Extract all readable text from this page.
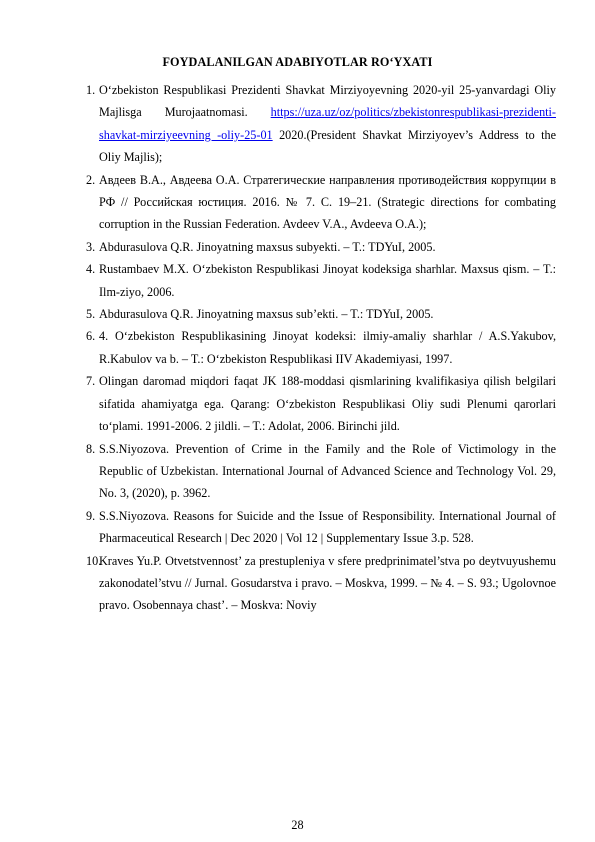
FOYDALANILGAN ADABIYOTLAR RO‘YXATI
1. O‘zbekiston Respublikasi Prezidenti Shavkat Mirziyoyevning 2020-yil 25-yanvardagi Oliy Majlisga Murojaatnomasi. https://uza.uz/oz/politics/zbekistonrespublikasi-prezidenti-shavkat-mirziyeevning -oliy-25-01 2020.(President Shavkat Mirziyoyev’s Address to the Oliy Majlis);
2. Авдеев В.А., Авдеева О.А. Стратегические направления противодействия коррупции в РФ // Российская юстиция. 2016. № 7. С. 19–21. (Strategic directions for combating corruption in the Russian Federation. Avdeev V.A., Avdeeva O.A.);
3. Abdurasulova Q.R. Jinoyatning maxsus subyekti. – T.: TDYuI, 2005.
4. Rustambaev M.X. O‘zbekiston Respublikasi Jinoyat kodeksiga sharhlar. Maxsus qism. – T.: Ilm-ziyo, 2006.
5. Abdurasulova Q.R. Jinoyatning maxsus sub’ekti. – T.: TDYuI, 2005.
6. 4. O‘zbekiston Respublikasining Jinoyat kodeksi: ilmiy-amaliy sharhlar / A.S.Yakubov, R.Kabulov va b. – T.: O‘zbekiston Respublikasi IIV Akademiyasi, 1997.
7. Olingan daromad miqdori faqat JK 188-moddasi qismlarining kvalifikasiya qilish belgilari sifatida ahamiyatga ega. Qarang: O‘zbekiston Respublikasi Oliy sudi Plenumi qarorlari to‘plami. 1991-2006. 2 jildli. – T.: Adolat, 2006. Birinchi jild.
8. S.S.Niyozova. Prevention of Crime in the Family and the Role of Victimology in the Republic of Uzbekistan. International Journal of Advanced Science and Technology Vol. 29, No. 3, (2020), p. 3962.
9. S.S.Niyozova. Reasons for Suicide and the Issue of Responsibility. International Journal of Pharmaceutical Research | Dec 2020 | Vol 12 | Supplementary Issue 3.p. 528.
10.
Kraves Yu.P. Otvetstvennost’ za prestupleniya v sfere predprinimatel’stva po deytvuyushemu zakonodatel’stvu // Jurnal. Gosudarstva i pravo. – Moskva, 1999. – № 4. – S. 93.; Ugolovnoe pravo. Osobennaya chast’. – Moskva: Noviy
28
